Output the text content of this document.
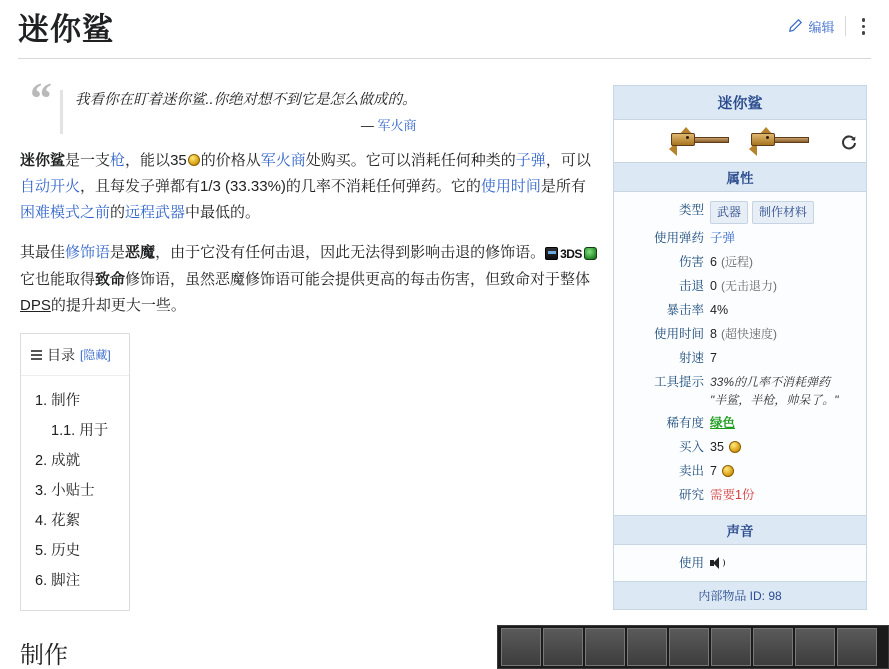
迷你鲨	编辑
“ 我看你在盯着迷你鲨..你绝对想不到它是怎么做成的。
— 军火商

迷你鲨是一支枪，能以35 的价格从军火商处购买。它可以消耗任何种类的子弹，可以自动开火，且每发子弹都有1/3 (33.33%)的几率不消耗任何弹药。它的使用时间是所有困难模式之前的远程武器中最低的。

其最佳修饰语是恶魔，由于它没有任何击退，因此无法得到影响击退的修饰语。 3DS
它也能取得致命修饰语，虽然恶魔修饰语可能会提供更高的每击伤害，但致命对于整体DPS的提升却更大一些。

目录 [隐藏]
1. 制作
1.1. 用于
2. 成就
3. 小贴士
4. 花絮
5. 历史
6. 脚注
制作
迷你鲨
属性
类型	武器	制作材料
使用弹药 子弹
伤害 6 (远程)
击退 0 (无击退力)
暴击率 4%
使用时间 8 (超快速度)
射速 7
工具提示 33%的几率不消耗弹药
"半鲨，半枪，帅呆了。"
稀有度 绿色
买入 35
卖出 7
研究 需要1份
声音
使用
内部物品 ID: 98
